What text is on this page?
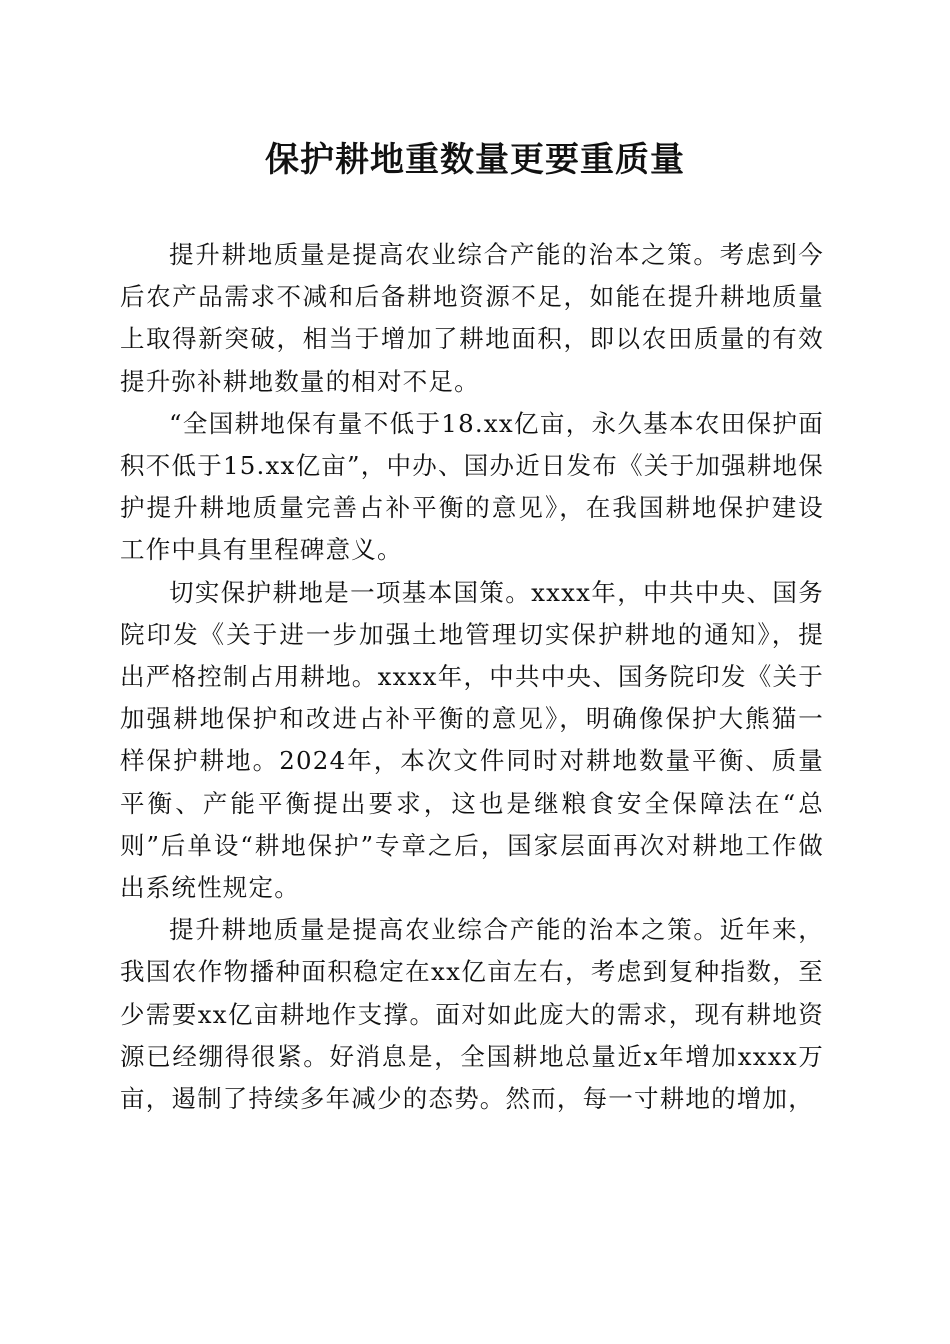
保护耕地重数量更要重质量

提升耕地质量是提高农业综合产能的治本之策。考虑到今后农产品需求不减和后备耕地资源不足，如能在提升耕地质量上取得新突破，相当于增加了耕地面积，即以农田质量的有效提升弥补耕地数量的相对不足。

“全国耕地保有量不低于18.xx亿亩，永久基本农田保护面积不低于15.xx亿亩”，中办、国办近日发布《关于加强耕地保护提升耕地质量完善占补平衡的意见》，在我国耕地保护建设工作中具有里程碑意义。

切实保护耕地是一项基本国策。xxxx年，中共中央、国务院印发《关于进一步加强土地管理切实保护耕地的通知》，提出严格控制占用耕地。xxxx年，中共中央、国务院印发《关于加强耕地保护和改进占补平衡的意见》，明确像保护大熊猫一样保护耕地。2024年，本次文件同时对耕地数量平衡、质量平衡、产能平衡提出要求，这也是继粮食安全保障法在“总则”后单设“耕地保护”专章之后，国家层面再次对耕地工作做出系统性规定。

提升耕地质量是提高农业综合产能的治本之策。近年来，我国农作物播种面积稳定在xx亿亩左右，考虑到复种指数，至少需要xx亿亩耕地作支撑。面对如此庞大的需求，现有耕地资源已经绷得很紧。好消息是，全国耕地总量近x年增加xxxx万亩，遏制了持续多年减少的态势。然而，每一寸耕地的增加，
